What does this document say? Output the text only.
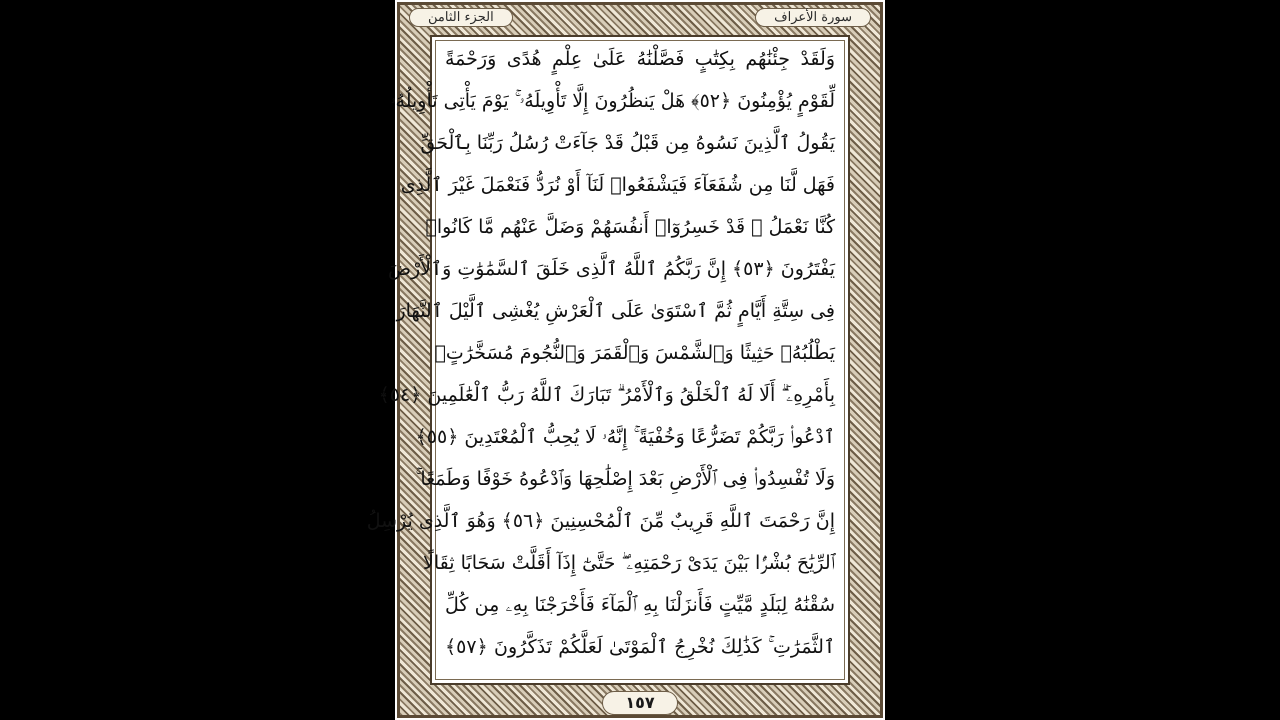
الجزء الثامن	سورة الأعراف
وَلَقَدْ جِئْنَٰهُم بِكِتَٰبٍ فَصَّلْنَٰهُ عَلَىٰ عِلْمٍ هُدًى وَرَحْمَةً
لِّقَوْمٍ يُؤْمِنُونَ ﴿٥٢﴾ هَلْ يَنظُرُونَ إِلَّا تَأْوِيلَهُۥ ۚ يَوْمَ يَأْتِى تَأْوِيلُهُۥ
يَقُولُ ٱلَّذِينَ نَسُوهُ مِن قَبْلُ قَدْ جَآءَتْ رُسُلُ رَبِّنَا بِٱلْحَقِّ
فَهَل لَّنَا مِن شُفَعَآءَ فَيَشْفَعُوا۟ لَنَآ أَوْ نُرَدُّ فَنَعْمَلَ غَيْرَ ٱلَّذِى
كُنَّا نَعْمَلُ ۚ قَدْ خَسِرُوٓا۟ أَنفُسَهُمْ وَضَلَّ عَنْهُم مَّا كَانُوا۟
يَفْتَرُونَ ﴿٥٣﴾ إِنَّ رَبَّكُمُ ٱللَّهُ ٱلَّذِى خَلَقَ ٱلسَّمَٰوَٰتِ وَٱلْأَرْضَ
فِى سِتَّةِ أَيَّامٍ ثُمَّ ٱسْتَوَىٰ عَلَى ٱلْعَرْشِ يُغْشِى ٱلَّيْلَ ٱلنَّهَارَ
يَطْلُبُهُۥ حَثِيثًا وَٱلشَّمْسَ وَٱلْقَمَرَ وَٱلنُّجُومَ مُسَخَّرَٰتٍۭ
بِأَمْرِهِۦٓ ۗ أَلَا لَهُ ٱلْخَلْقُ وَٱلْأَمْرُ ۗ تَبَارَكَ ٱللَّهُ رَبُّ ٱلْعَٰلَمِينَ ﴿٥٤﴾
ٱدْعُوا۟ رَبَّكُمْ تَضَرُّعًا وَخُفْيَةً ۚ إِنَّهُۥ لَا يُحِبُّ ٱلْمُعْتَدِينَ ﴿٥٥﴾
وَلَا تُفْسِدُوا۟ فِى ٱلْأَرْضِ بَعْدَ إِصْلَٰحِهَا وَٱدْعُوهُ خَوْفًا وَطَمَعًا ۚ
إِنَّ رَحْمَتَ ٱللَّهِ قَرِيبٌ مِّنَ ٱلْمُحْسِنِينَ ﴿٥٦﴾ وَهُوَ ٱلَّذِى يُرْسِلُ
ٱلرِّيَٰحَ بُشْرًۢا بَيْنَ يَدَىْ رَحْمَتِهِۦ ۖ حَتَّىٰٓ إِذَآ أَقَلَّتْ سَحَابًا ثِقَالًا
سُقْنَٰهُ لِبَلَدٍ مَّيِّتٍ فَأَنزَلْنَا بِهِ ٱلْمَآءَ فَأَخْرَجْنَا بِهِۦ مِن كُلِّ
ٱلثَّمَرَٰتِ ۚ كَذَٰلِكَ نُخْرِجُ ٱلْمَوْتَىٰ لَعَلَّكُمْ تَذَكَّرُونَ ﴿٥٧﴾
١٥٧
